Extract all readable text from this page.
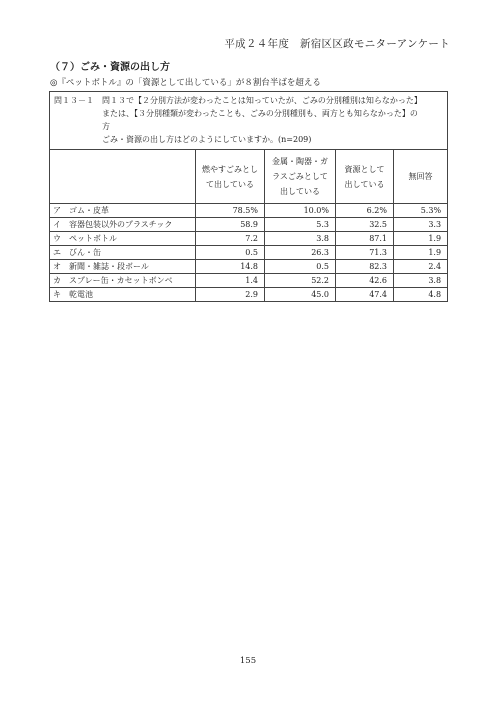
平成２４年度　新宿区区政モニターアンケート
（７）ごみ・資源の出し方
◎『ペットボトル』の「資源として出している」が８割台半ばを超える
問１３－１ 問１３で【２分別方法が変わったことは知っていたが、ごみの分別種別は知らなかった】
または、【３分別種類が変わったことも、ごみの分別種別も、両方とも知らなかった】の
方
ごみ・資源の出し方はどのようにしていますか。(n=209)				

	燃やすごみとし
て出している	金属・陶器・ガ
ラスごみとして
出している	資源として
出している	無回答

ア ゴム・皮革	78.5%	10.0%	6.2%	5.3%
イ 容器包装以外のプラスチック	58.9	5.3	32.5	3.3
ウ ペットボトル	7.2	3.8	87.1	1.9
エ びん・缶	0.5	26.3	71.3	1.9
オ 新聞・雑誌・段ボール	14.8	0.5	82.3	2.4
カ スプレー缶・カセットボンベ	1.4	52.2	42.6	3.8
キ 乾電池	2.9	45.0	47.4	4.8
155
